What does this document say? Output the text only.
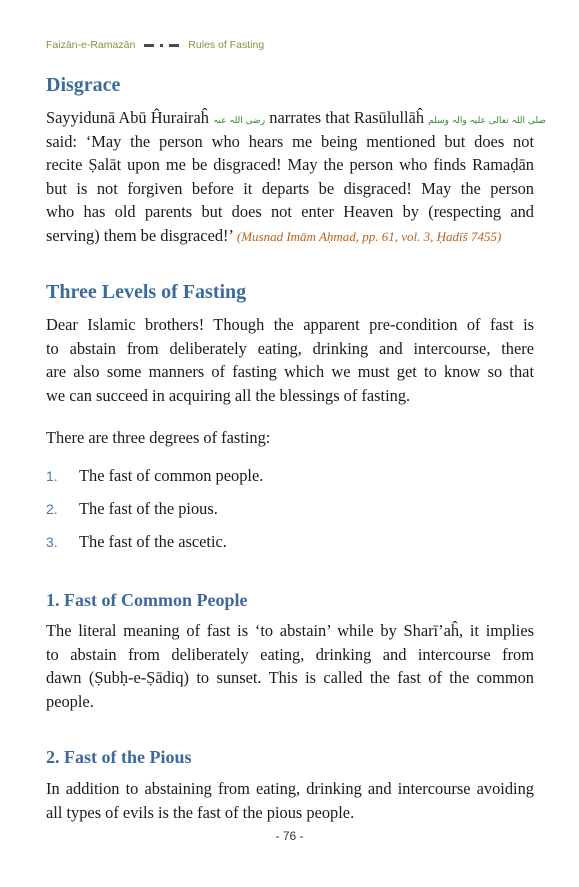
Faizān-e-Ramazān	Rules of Fasting
Disgrace
Sayyidunā Abū Ĥurairaĥ رضی اللہ عنہ narrates that Rasūlullāĥ صلی اللہ تعالی علیہ والہ وسلم
said: ‘May the person who hears me being mentioned but does not
recite Ṣalāt upon me be disgraced! May the person who finds Ramaḍān
but is not forgiven before it departs be disgraced! May the person
who has old parents but does not enter Heaven by (respecting and
serving) them be disgraced!’ (Musnad Imām Aḥmad, pp. 61, vol. 3, Ḥadīš 7455)
Three Levels of Fasting
Dear Islamic brothers! Though the apparent pre-condition of fast is
to abstain from deliberately eating, drinking and intercourse, there
are also some manners of fasting which we must get to know so that
we can succeed in acquiring all the blessings of fasting.
There are three degrees of fasting:
1.	The fast of common people.
2.	The fast of the pious.
3.	The fast of the ascetic.
1. Fast of Common People
The literal meaning of fast is ‘to abstain’ while by Sharī’aĥ, it implies
to abstain from deliberately eating, drinking and intercourse from
dawn (Ṣubḥ-e-Ṣādiq) to sunset. This is called the fast of the common
people.
2. Fast of the Pious
In addition to abstaining from eating, drinking and intercourse avoiding
all types of evils is the fast of the pious people.
- 76 -
